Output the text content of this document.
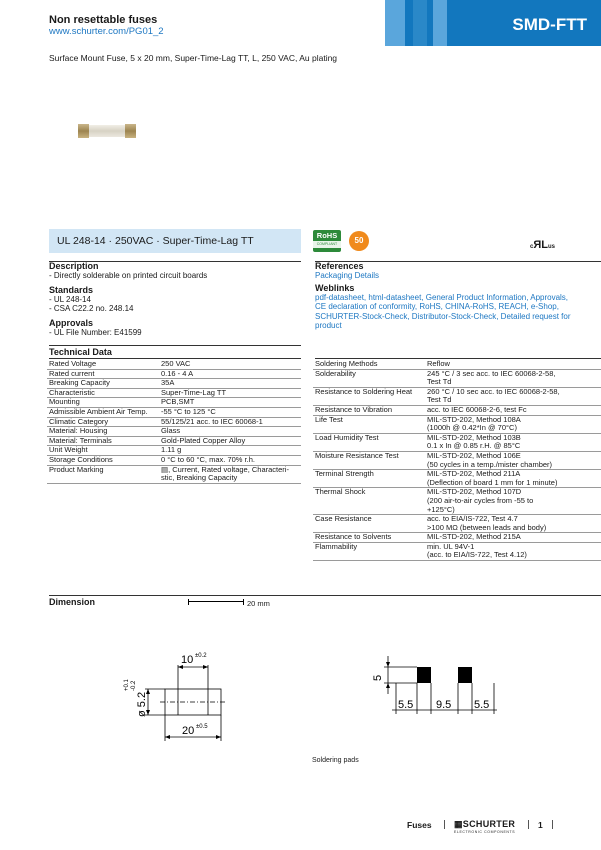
Non resettable fuses
www.schurter.com/PG01_2	SMD-FTT
Surface Mount Fuse, 5 x 20 mm, Super-Time-Lag TT, L, 250 VAC, Au plating
UL 248-14 · 250VAC · Super-Time-Lag TT	RoHS
COMPLIANT	50
cЯLus
Description
- Directly solderable on printed circuit boards
Standards
- UL 248-14
- CSA C22.2 no. 248.14
Approvals
- UL File Number: E41599
References
Packaging Details
Weblinks
pdf-datasheet, html-datasheet, General Product Information, Approvals,
CE declaration of conformity, RoHS, CHINA-RoHS, REACH, e-Shop,
SCHURTER-Stock-Check, Distributor-Stock-Check, Detailed request for
product
Technical Data
Rated Voltage	250 VAC

Rated current	0.16 - 4 A

Breaking Capacity	35A

Characteristic	Super-Time-Lag TT

Mounting	PCB,SMT

Admissible Ambient Air Temp.	-55 °C to 125 °C

Climatic Category	55/125/21 acc. to IEC 60068-1

Material: Housing	Glass

Material: Terminals	Gold-Plated Copper Alloy

Unit Weight	1.11 g

Storage Conditions	0 °C to 60 °C, max. 70% r.h.

Product Marking	▤, Current, Rated voltage, Characteri-
stic, Breaking Capacity
Soldering Methods	Reflow

Solderability	245 °C / 3 sec acc. to IEC 60068-2-58,
Test Td

Resistance to Soldering Heat	260 °C / 10 sec acc. to IEC 60068-2-58,
Test Td

Resistance to Vibration	acc. to IEC 60068-2-6, test Fc

Life Test	MIL-STD-202, Method 108A
(1000h @ 0.42*In @ 70°C)

Load Humidity Test	MIL-STD-202, Method 103B
0.1 x In @ 0.85 r.H. @ 85°C

Moisture Resistance Test	MIL-STD-202, Method 106E
(50 cycles in a temp./mister chamber)

Terminal Strength	MIL-STD-202, Method 211A
(Deflection of board 1 mm for 1 minute)

Thermal Shock	MIL-STD-202, Method 107D
(200 air-to-air cycles from -55 to
+125°C)

Case Resistance	acc. to EIA/IS-722, Test 4.7
>100 MΩ (between leads and body)

Resistance to Solvents	MIL-STD-202, Method 215A

Flammability	min. UL 94V-1
(acc. to EIA/IS-722, Test 4.12)
Dimension	20 mm
10 ±0.2
20 ±0.5
ø 5.2
+0.1 -0.2
5
5.5 9.5 5.5
Soldering pads
Fuses ▦SCHURTER
ELECTRONIC COMPONENTS
1
